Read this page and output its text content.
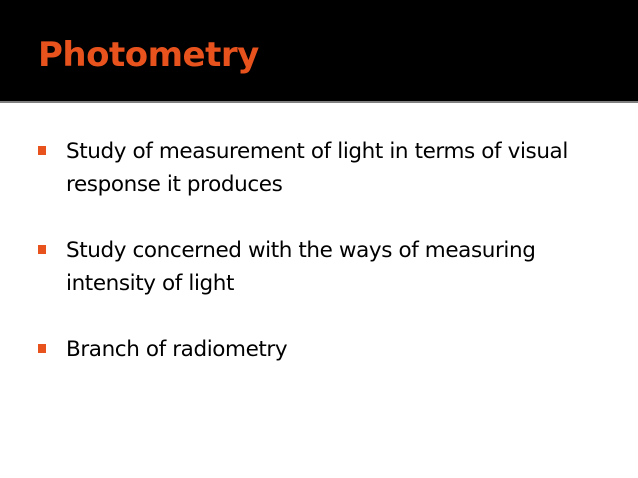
Photometry
Study of measurement of light in terms of visual response it produces
Study concerned with the ways of measuring intensity of light
Branch of radiometry
